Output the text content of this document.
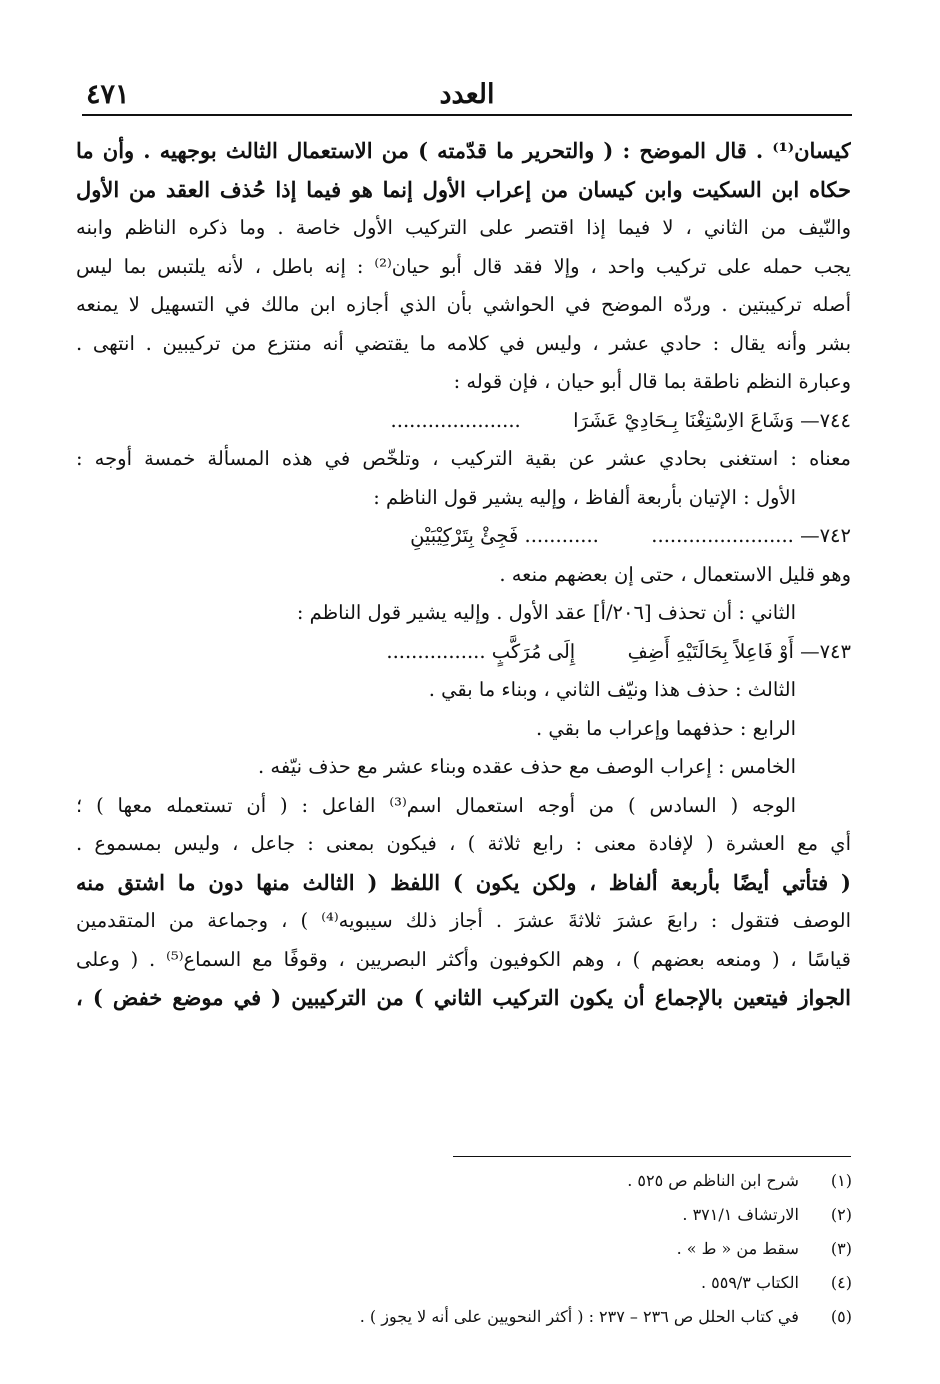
العدد
٤٧١
كيسان⁽¹⁾ . قال الموضح : ( والتحرير ما قدّمته ) من الاستعمال الثالث بوجهيه . وأن ما
حكاه ابن السكيت وابن كيسان من إعراب الأول إنما هو فيما إذا حُذف العقد من الأول
والنّيف من الثاني ، لا فيما إذا اقتصر على التركيب الأول خاصة . وما ذكره الناظم وابنه
يجب حمله على تركيب واحد ، وإلا فقد قال أبو حيان⁽²⁾ : إنه باطل ، لأنه يلتبس بما ليس
أصله تركيبتين . وردّه الموضح في الحواشي بأن الذي أجازه ابن مالك في التسهيل لا يمنعه
بشر وأنه يقال : حادي عشر ، وليس في كلامه ما يقتضي أنه منتزع من تركيبين . انتهى .
وعبارة النظم ناطقة بما قال أبو حيان ، فإن قوله :
٧٤٤— وَشَاعَ الاِسْتِغْنَا بِـحَادِيْ عَشَرَا  .....................
معناه : استغنى بحادي عشر عن بقية التركيب ، وتلخّص في هذه المسألة خمسة أوجه :
الأول : الإتيان بأربعة ألفاظ ، وإليه يشير قول الناظم :
٧٤٢— .......................  ............ فَجِئْ بِتَرْكِيْبَيْنِ
وهو قليل الاستعمال ، حتى إن بعضهم منعه .
الثاني : أن تحذف [٢٠٦/أ] عقد الأول . وإليه يشير قول الناظم :
٧٤٣— أَوْ فَاعِلاً بِحَالَتَيْهِ أَضِفِ  إِلَى مُرَكَّبٍ ................
الثالث : حذف هذا ونيّف الثاني ، وبناء ما بقي .
الرابع : حذفهما وإعراب ما بقي .
الخامس : إعراب الوصف مع حذف عقده وبناء عشر مع حذف نيّفه .
الوجه ( السادس ) من أوجه استعمال اسم⁽³⁾ الفاعل : ( أن تستعمله معها ) ؛
أي مع العشرة ( لإفادة معنى : رابع ثلاثة ) ، فيكون بمعنى : جاعل ، وليس بمسموع .
( فتأتي أيضًا بأربعة ألفاظ ، ولكن يكون ) اللفظ ( الثالث منها دون ما اشتق منه
الوصف فتقول : رابعَ عشرَ ثلاثةَ عشرَ . أجاز ذلك سيبويه⁽⁴⁾ ) ، وجماعة من المتقدمين
قياسًا ، ( ومنعه بعضهم ) ، وهم الكوفيون وأكثر البصريين ، وقوفًا مع السماع⁽⁵⁾ . ( وعلى
الجواز فيتعين بالإجماع أن يكون التركيب الثاني ) من التركيبين ( في موضع خفض ) ،
(١) شرح ابن الناظم ص ٥٢٥ .
(٢) الارتشاف ٣٧١/١ .
(٣) سقط من « ط » .
(٤) الكتاب ٥٥٩/٣ .
(٥) في كتاب الحلل ص ٢٣٦ – ٢٣٧ : ( أكثر النحويين على أنه لا يجوز ) .
